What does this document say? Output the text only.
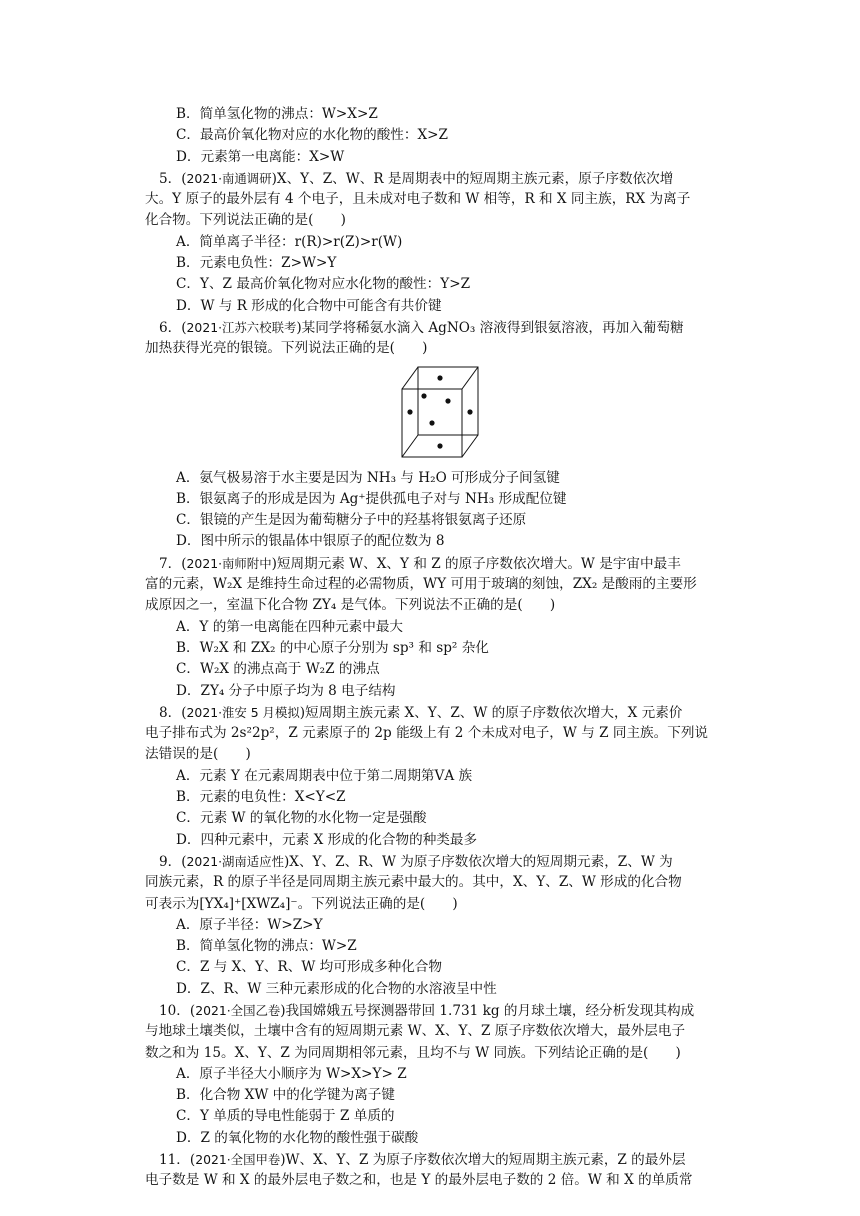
B．简单氢化物的沸点：W>X>Z
C．最高价氧化物对应的水化物的酸性：X>Z
D．元素第一电离能：X>W
5．(2021·南通调研)X、Y、Z、W、R 是周期表中的短周期主族元素，原子序数依次增
大。Y 原子的最外层有 4 个电子，且未成对电子数和 W 相等，R 和 X 同主族，RX 为离子
化合物。下列说法正确的是(　　)
A．简单离子半径：r(R)>r(Z)>r(W)
B．元素电负性：Z>W>Y
C．Y、Z 最高价氧化物对应水化物的酸性：Y>Z
D．W 与 R 形成的化合物中可能含有共价键
6．(2021·江苏六校联考)某同学将稀氨水滴入 AgNO₃ 溶液得到银氨溶液，再加入葡萄糖
加热获得光亮的银镜。下列说法正确的是(　　)
A．氨气极易溶于水主要是因为 NH₃ 与 H₂O 可形成分子间氢键
B．银氨离子的形成是因为 Ag⁺提供孤电子对与 NH₃ 形成配位键
C．银镜的产生是因为葡萄糖分子中的羟基将银氨离子还原
D．图中所示的银晶体中银原子的配位数为 8
7．(2021·南师附中)短周期元素 W、X、Y 和 Z 的原子序数依次增大。W 是宇宙中最丰
富的元素，W₂X 是维持生命过程的必需物质，WY 可用于玻璃的刻蚀，ZX₂ 是酸雨的主要形
成原因之一，室温下化合物 ZY₄ 是气体。下列说法不正确的是(　　)
A．Y 的第一电离能在四种元素中最大
B．W₂X 和 ZX₂ 的中心原子分别为 sp³ 和 sp² 杂化
C．W₂X 的沸点高于 W₂Z 的沸点
D．ZY₄ 分子中原子均为 8 电子结构
8．(2021·淮安 5 月模拟)短周期主族元素 X、Y、Z、W 的原子序数依次增大，X 元素价
电子排布式为 2s²2p²，Z 元素原子的 2p 能级上有 2 个未成对电子，W 与 Z 同主族。下列说
法错误的是(　　)
A．元素 Y 在元素周期表中位于第二周期第ⅤA 族
B．元素的电负性：X<Y<Z
C．元素 W 的氧化物的水化物一定是强酸
D．四种元素中，元素 X 形成的化合物的种类最多
9．(2021·湖南适应性)X、Y、Z、R、W 为原子序数依次增大的短周期元素，Z、W 为
同族元素，R 的原子半径是同周期主族元素中最大的。其中，X、Y、Z、W 形成的化合物
可表示为[YX₄]⁺[XWZ₄]⁻。下列说法正确的是(　　)
A．原子半径：W>Z>Y
B．简单氢化物的沸点：W>Z
C．Z 与 X、Y、R、W 均可形成多种化合物
D．Z、R、W 三种元素形成的化合物的水溶液呈中性
10．(2021·全国乙卷)我国嫦娥五号探测器带回 1.731 kg 的月球土壤，经分析发现其构成
与地球土壤类似，土壤中含有的短周期元素 W、X、Y、Z 原子序数依次增大，最外层电子
数之和为 15。X、Y、Z 为同周期相邻元素，且均不与 W 同族。下列结论正确的是(　　)
A．原子半径大小顺序为 W>X>Y> Z
B．化合物 XW 中的化学键为离子键
C．Y 单质的导电性能弱于 Z 单质的
D．Z 的氧化物的水化物的酸性强于碳酸
11．(2021·全国甲卷)W、X、Y、Z 为原子序数依次增大的短周期主族元素，Z 的最外层
电子数是 W 和 X 的最外层电子数之和，也是 Y 的最外层电子数的 2 倍。W 和 X 的单质常
